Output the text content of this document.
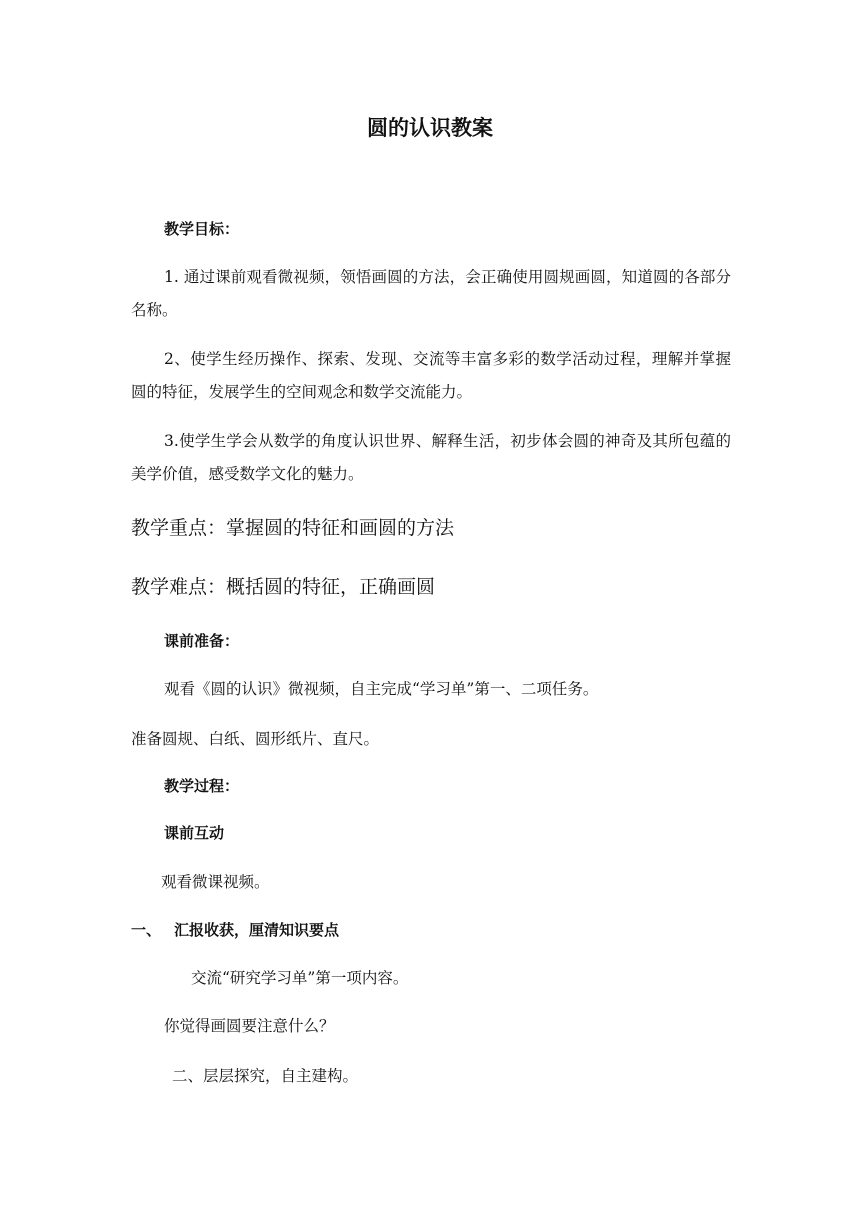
圆的认识教案
教学目标：
1. 通过课前观看微视频，领悟画圆的方法，会正确使用圆规画圆，知道圆的各部分名称。
2、使学生经历操作、探索、发现、交流等丰富多彩的数学活动过程，理解并掌握圆的特征，发展学生的空间观念和数学交流能力。
3.使学生学会从数学的角度认识世界、解释生活，初步体会圆的神奇及其所包蕴的美学价值，感受数学文化的魅力。
教学重点：掌握圆的特征和画圆的方法
教学难点：概括圆的特征，正确画圆
课前准备：
观看《圆的认识》微视频，自主完成“学习单”第一、二项任务。
准备圆规、白纸、圆形纸片、直尺。
教学过程：
课前互动
观看微课视频。
一、 汇报收获，厘清知识要点
交流“研究学习单”第一项内容。
你觉得画圆要注意什么？
二、层层探究，自主建构。
